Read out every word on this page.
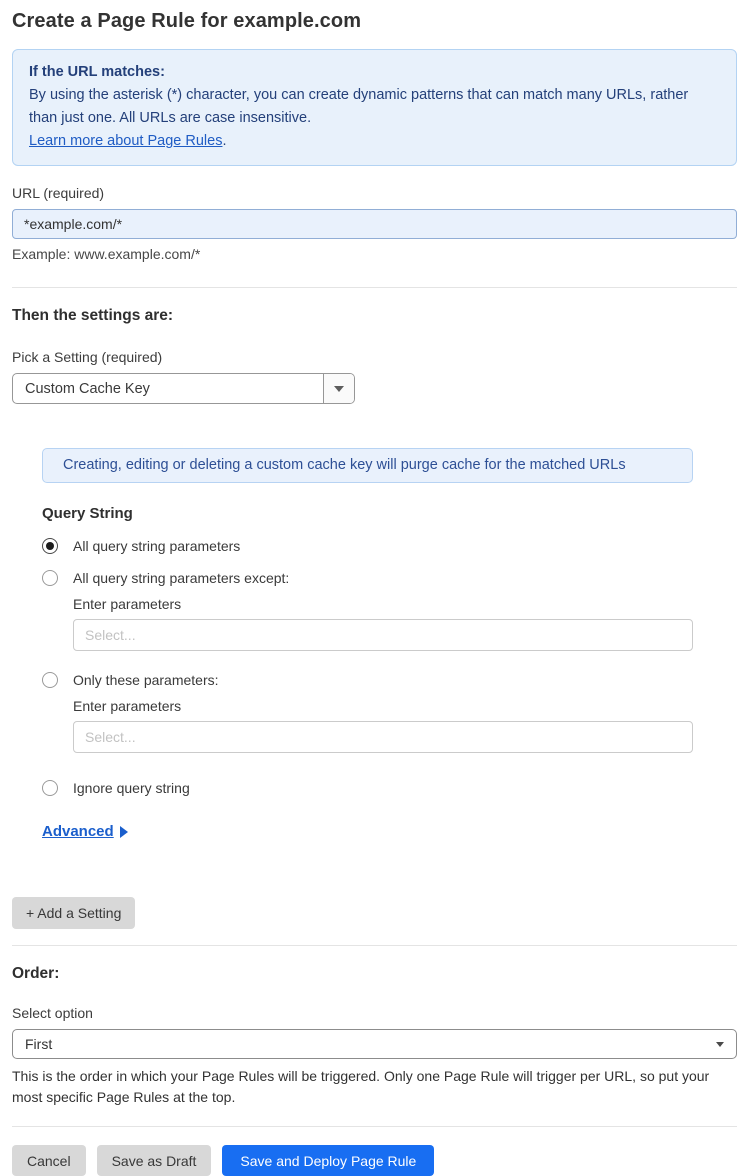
Create a Page Rule for example.com
If the URL matches:
By using the asterisk (*) character, you can create dynamic patterns that can match many URLs, rather than just one. All URLs are case insensitive.
Learn more about Page Rules.
URL (required)
*example.com/*
Example: www.example.com/*
Then the settings are:
Pick a Setting (required)
Custom Cache Key
Creating, editing or deleting a custom cache key will purge cache for the matched URLs
Query String
All query string parameters
All query string parameters except:
Enter parameters
Select...
Only these parameters:
Enter parameters
Select...
Ignore query string
Advanced
+ Add a Setting
Order:
Select option
First
This is the order in which your Page Rules will be triggered. Only one Page Rule will trigger per URL, so put your most specific Page Rules at the top.
Cancel	Save as Draft	Save and Deploy Page Rule
